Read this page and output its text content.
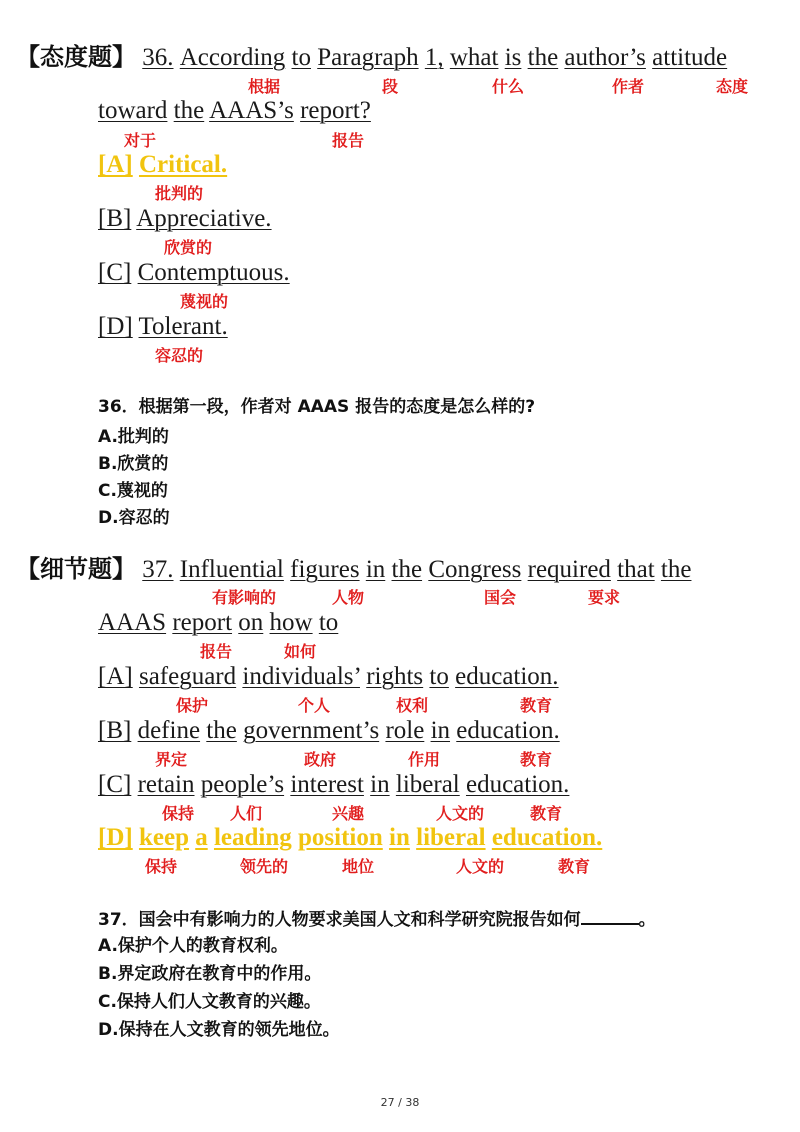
【态度题】 36. According to Paragraph 1, what is the author’s attitude
根据	段	什么	作者	态度
toward the AAAS’s report?
对于	报告
[A] Critical.
批判的
[B] Appreciative.
欣赏的
[C] Contemptuous.
蔑视的
[D] Tolerant.
容忍的
36．根据第一段，作者对 AAAS 报告的态度是怎么样的?
A.批判的
B.欣赏的
C.蔑视的
D.容忍的
【细节题】 37. Influential figures in the Congress required that the
有影响的	人物	国会	要求
AAAS report on how to
报告	如何
[A] safeguard individuals’ rights to education.
保护	个人	权利	教育
[B] define the government’s role in education.
界定	政府	作用	教育
[C] retain people’s interest in liberal education.
保持 人们	兴趣	人文的	教育
[D] keep a leading position in liberal education.
保持	领先的	地位	人文的	教育
37．国会中有影响力的人物要求美国人文和科学研究院报告如何	。
A.保护个人的教育权利。
B.界定政府在教育中的作用。
C.保持人们人文教育的兴趣。
D.保持在人文教育的领先地位。
27 / 38
